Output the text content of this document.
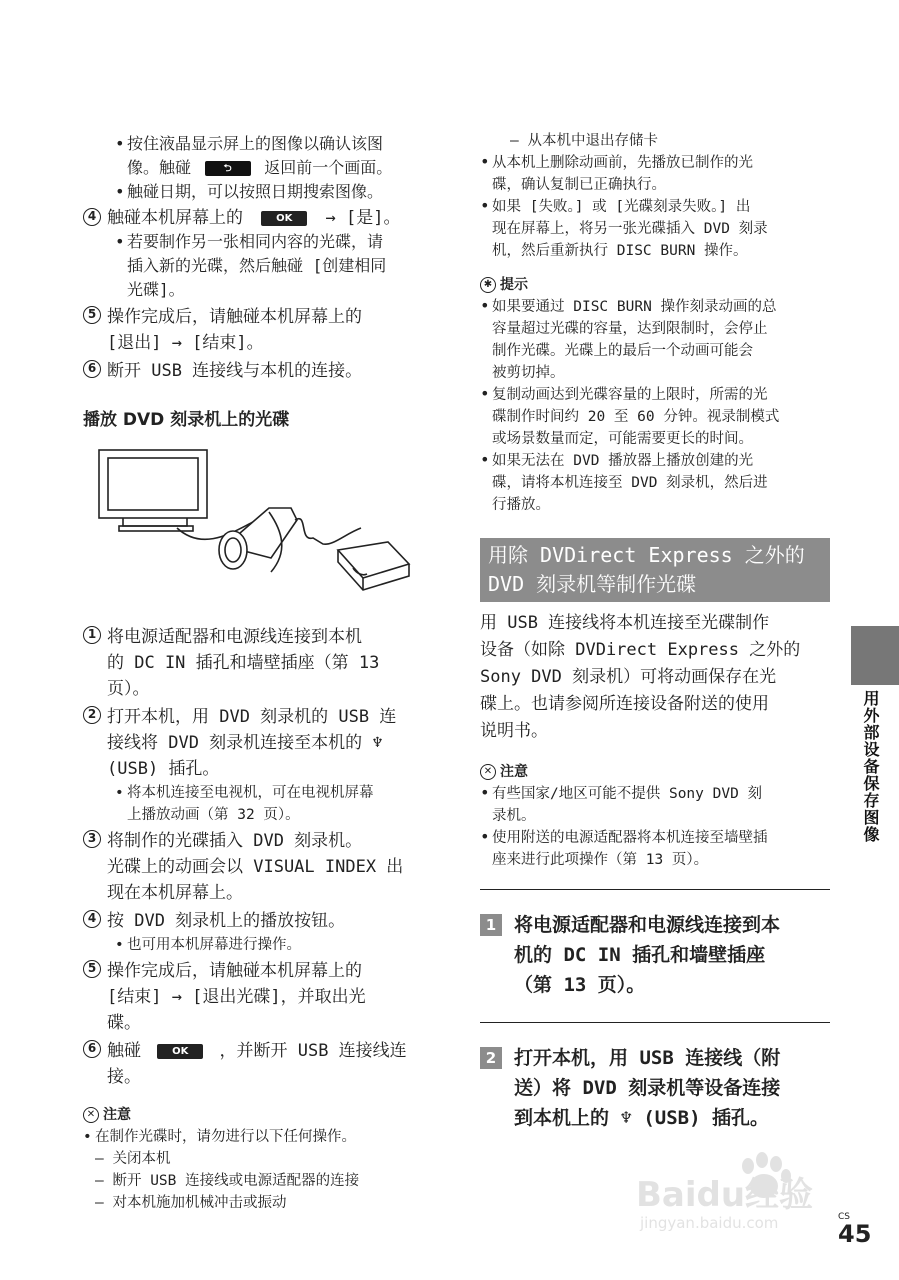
• 按住液晶显示屏上的图像以确认该图
像。触碰	⮌ 返回前一个画面。
• 触碰日期，可以按照日期搜索图像。
4 触碰本机屏幕上的	OK → [是]。
• 若要制作另一张相同内容的光碟，请
插入新的光碟，然后触碰 [创建相同
光碟]。
5 操作完成后，请触碰本机屏幕上的
[退出] → [结束]。
6 断开 USB 连接线与本机的连接。
播放 DVD 刻录机上的光碟
1 将电源适配器和电源线连接到本机
的 DC IN 插孔和墙壁插座（第 13
页）。
2 打开本机，用 DVD 刻录机的 USB 连
接线将 DVD 刻录机连接至本机的 ♆
(USB) 插孔。
• 将本机连接至电视机，可在电视机屏幕
上播放动画（第 32 页）。
3 将制作的光碟插入 DVD 刻录机。
光碟上的动画会以 VISUAL INDEX 出
现在本机屏幕上。
4 按 DVD 刻录机上的播放按钮。
• 也可用本机屏幕进行操作。
5 操作完成后，请触碰本机屏幕上的
[结束] → [退出光碟]，并取出光
碟。
6 触碰	OK ，并断开 USB 连接线连
接。
✕ 注意
• 在制作光碟时，请勿进行以下任何操作。
– 关闭本机
– 断开 USB 连接线或电源适配器的连接
– 对本机施加机械冲击或振动
– 从本机中退出存储卡
• 从本机上删除动画前，先播放已制作的光
碟，确认复制已正确执行。
• 如果 [失败。] 或 [光碟刻录失败。] 出
现在屏幕上，将另一张光碟插入 DVD 刻录
机，然后重新执行 DISC BURN 操作。
✱ 提示
• 如果要通过 DISC BURN 操作刻录动画的总
容量超过光碟的容量，达到限制时，会停止
制作光碟。光碟上的最后一个动画可能会
被剪切掉。
• 复制动画达到光碟容量的上限时，所需的光
碟制作时间约 20 至 60 分钟。视录制模式
或场景数量而定，可能需要更长的时间。
• 如果无法在 DVD 播放器上播放创建的光
碟，请将本机连接至 DVD 刻录机，然后进
行播放。
用除 DVDirect Express 之外的
DVD 刻录机等制作光碟
用 USB 连接线将本机连接至光碟制作
设备（如除 DVDirect Express 之外的
Sony DVD 刻录机）可将动画保存在光
碟上。也请参阅所连接设备附送的使用
说明书。
✕ 注意
• 有些国家/地区可能不提供 Sony DVD 刻
录机。
• 使用附送的电源适配器将本机连接至墙壁插
座来进行此项操作（第 13 页）。
1 将电源适配器和电源线连接到本
机的 DC IN 插孔和墙壁插座
（第 13 页）。
2 打开本机，用 USB 连接线（附
送）将 DVD 刻录机等设备连接
到本机上的 ♆ (USB) 插孔。
用外部设备保存图像
Baidu经验
jingyan.baidu.com	CS
45
